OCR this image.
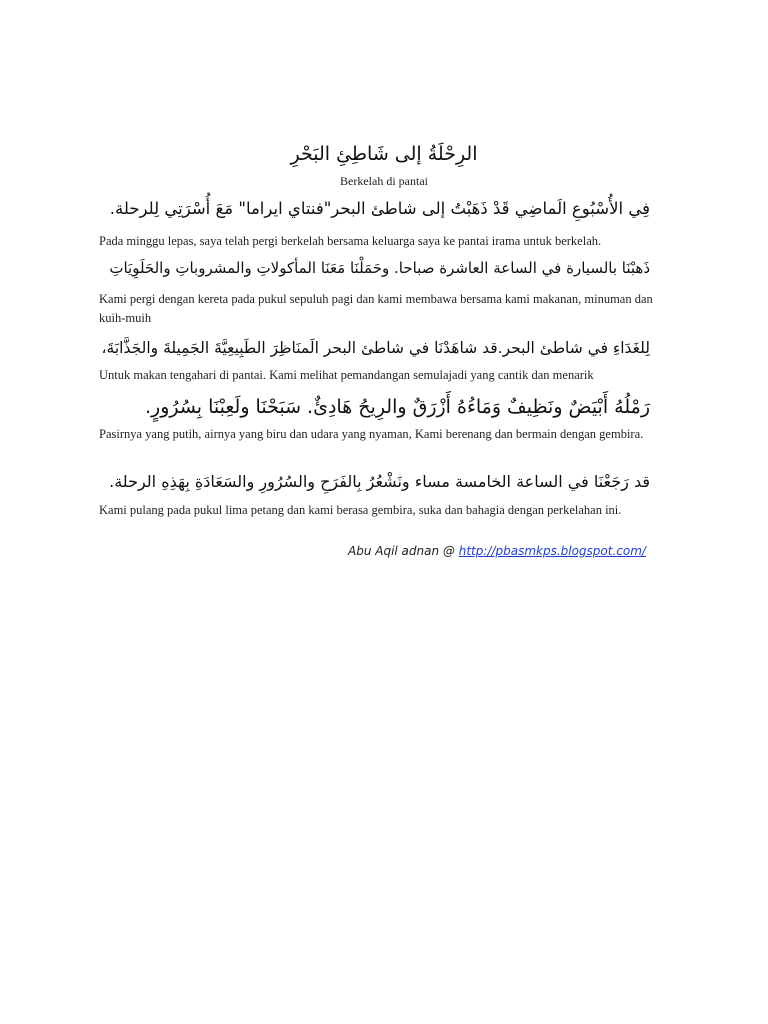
الرِحْلَةُ إلى شَاطِئِ البَحْرِ
Berkelah di pantai
فِي الأُسْبُوعِ الَماضِي قَدْ ذَهَبْتُ إلى شاطئ البحر"فنتاي ايراما" مَعَ أُسْرَتِي لِلرحلة.
Pada minggu lepas, saya telah pergi berkelah bersama keluarga saya ke pantai irama untuk berkelah.
ذَهبْنَا بالسيارة في الساعة العاشرة صباحا. وحَمَلْنَا مَعَنَا المأكولاتِ والمشروباتِ والحَلَوِيَاتِ
Kami pergi dengan kereta pada pukul sepuluh pagi dan kami membawa bersama kami makanan, minuman dan kuih-muih
لِلغَدَاءِ في شاطئ البحر.قد شاهَدْنَا في شاطئ البحر الَمنَاظِرَ الطَبِيعِيَّةَ الجَمِيلةَ والجَذَّابَةَ،
Untuk makan tengahari di pantai. Kami melihat pemandangan semulajadi yang cantik dan menarik
رَمْلُهُ أَبْيَضٌ ونَظِيفٌ وَمَاءُهُ أَزْرَقٌ والرِيحُ هَادِئٌ. سَبَحْنَا ولَعِبْنَا بِسُرُورٍ.
Pasirnya yang putih, airnya yang biru dan udara yang nyaman, Kami berenang dan bermain dengan gembira.
قد رَجَعْنَا في الساعة الخامسة مساء ونَشْعُرُ بِالفَرَحِ والسُرُورِ والسَعَادَةِ بِهَذِهِ الرحلة.
Kami pulang pada pukul lima petang dan kami berasa gembira, suka dan bahagia dengan perkelahan ini.
Abu Aqil adnan @ http://pbasmkps.blogspot.com/
